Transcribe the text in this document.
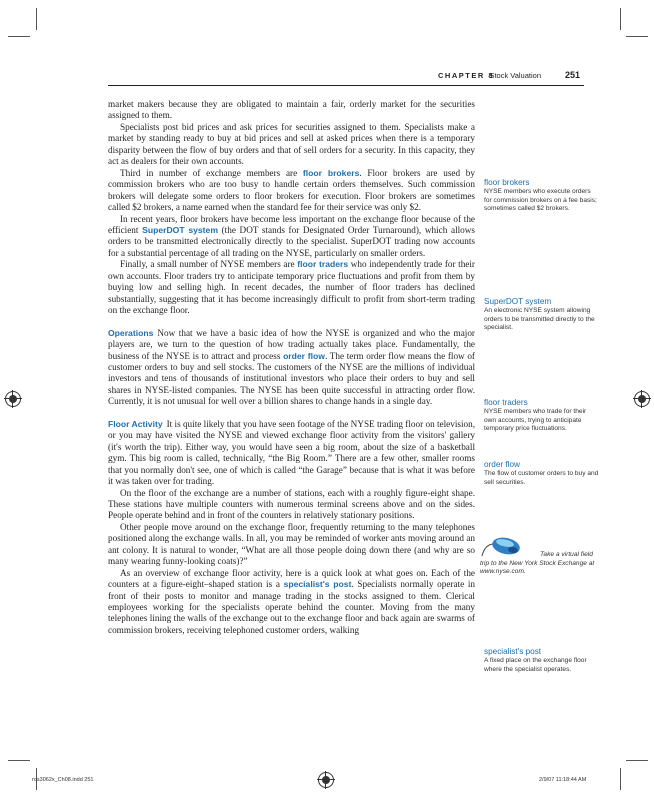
CHAPTER 8
Stock Valuation	251

market makers because they are obligated to maintain a fair, orderly market for the securities assigned to them.

Specialists post bid prices and ask prices for securities assigned to them. Specialists make a market by standing ready to buy at bid prices and sell at asked prices when there is a temporary disparity between the flow of buy orders and that of sell orders for a security. In this capacity, they act as dealers for their own accounts.

Third in number of exchange members are floor brokers. Floor brokers are used by commission brokers who are too busy to handle certain orders themselves. Such commission brokers will delegate some orders to floor brokers for execution. Floor brokers are sometimes called $2 brokers, a name earned when the standard fee for their service was only $2.

In recent years, floor brokers have become less important on the exchange floor because of the efficient SuperDOT system (the DOT stands for Designated Order Turnaround), which allows orders to be transmitted electronically directly to the specialist. SuperDOT trading now accounts for a substantial percentage of all trading on the NYSE, particularly on smaller orders.

Finally, a small number of NYSE members are floor traders who independently trade for their own accounts. Floor traders try to anticipate temporary price fluctuations and profit from them by buying low and selling high. In recent decades, the number of floor traders has declined substantially, suggesting that it has become increasingly difficult to profit from short-term trading on the exchange floor.

Operations Now that we have a basic idea of how the NYSE is organized and who the major players are, we turn to the question of how trading actually takes place. Fundamentally, the business of the NYSE is to attract and process order flow. The term order flow means the flow of customer orders to buy and sell stocks. The customers of the NYSE are the millions of individual investors and tens of thousands of institutional investors who place their orders to buy and sell shares in NYSE-listed companies. The NYSE has been quite successful in attracting order flow. Currently, it is not unusual for well over a billion shares to change hands in a single day.

Floor Activity It is quite likely that you have seen footage of the NYSE trading floor on television, or you may have visited the NYSE and viewed exchange floor activity from the visitors' gallery (it's worth the trip). Either way, you would have seen a big room, about the size of a basketball gym. This big room is called, technically, “the Big Room.” There are a few other, smaller rooms that you normally don't see, one of which is called “the Garage” because that is what it was before it was taken over for trading.

On the floor of the exchange are a number of stations, each with a roughly figure-eight shape. These stations have multiple counters with numerous terminal screens above and on the sides. People operate behind and in front of the counters in relatively stationary positions.

Other people move around on the exchange floor, frequently returning to the many telephones positioned along the exchange walls. In all, you may be reminded of worker ants moving around an ant colony. It is natural to wonder, “What are all those people doing down there (and why are so many wearing funny-looking coats)?”

As an overview of exchange floor activity, here is a quick look at what goes on. Each of the counters at a figure-eight–shaped station is a specialist's post. Specialists normally operate in front of their posts to monitor and manage trading in the stocks assigned to them. Clerical employees working for the specialists operate behind the counter. Moving from the many telephones lining the walls of the exchange out to the exchange floor and back again are swarms of commission brokers, receiving telephoned customer orders, walking

floor brokers
NYSE members who execute orders for commission brokers on a fee basis; sometimes called $2 brokers.
SuperDOT system
An electronic NYSE system allowing orders to be transmitted directly to the specialist.
floor traders
NYSE members who trade for their own accounts, trying to anticipate temporary price fluctuations.
order flow
The flow of customer orders to buy and sell securities.
specialist's post
A fixed place on the exchange floor where the specialist operates.
Take a virtual field trip to the New York Stock Exchange at www.nyse.com.
ros3062x_Ch08.indd 251	2/9/07 11:18:44 AM
